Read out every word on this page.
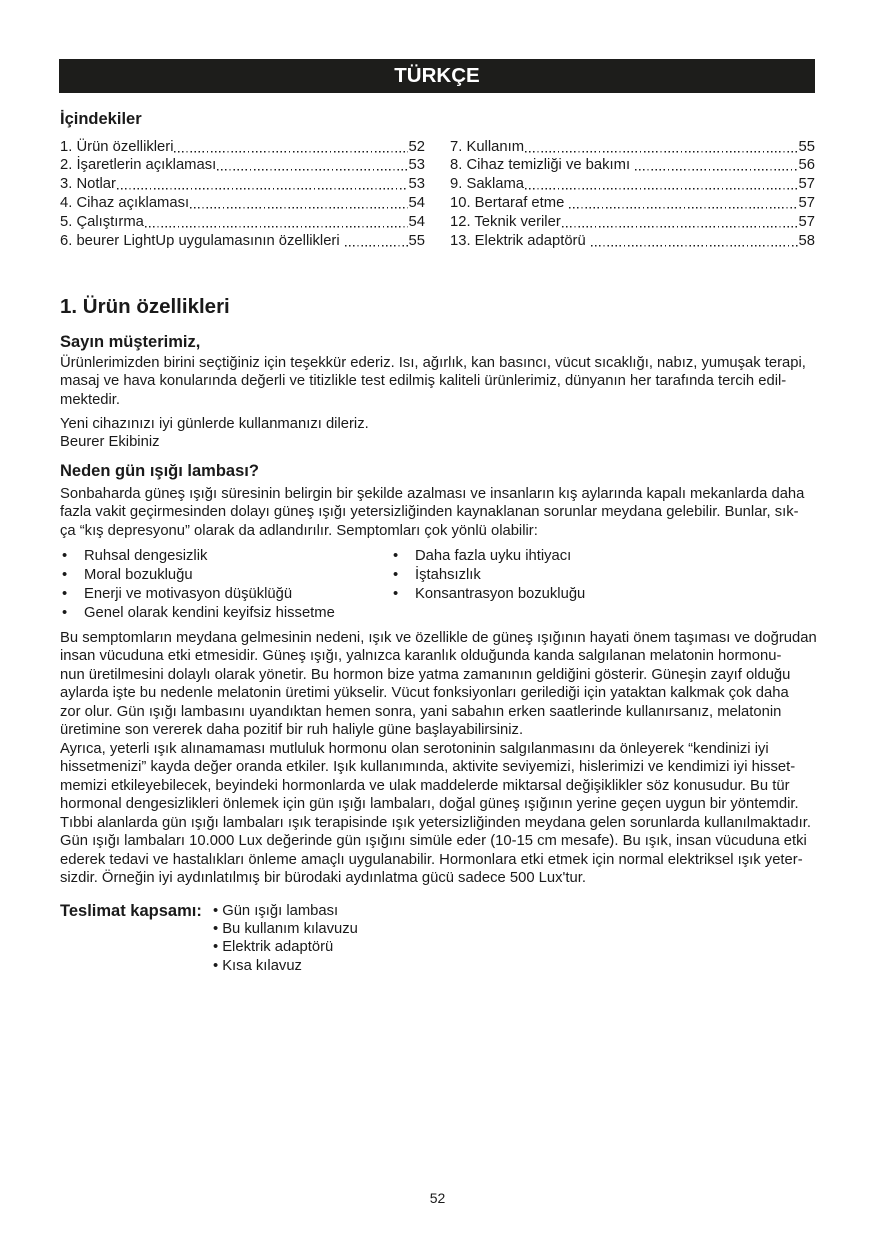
TÜRKÇE
İçindekiler
1. Ürün özellikleri	52
2. İşaretlerin açıklaması	53
3. Notlar	53
4. Cihaz açıklaması	54
5. Çalıştırma	54
6. beurer LightUp uygulamasının özellikleri	55
7. Kullanım	55
8. Cihaz temizliği ve bakımı	56
9. Saklama	57
10. Bertaraf etme	57
12. Teknik veriler	57
13. Elektrik adaptörü	58
1. Ürün özellikleri
Sayın müşterimiz,
Ürünlerimizden birini seçtiğiniz için teşekkür ederiz. Isı, ağırlık, kan basıncı, vücut sıcaklığı, nabız, yumuşak terapi,
masaj ve hava konularında değerli ve titizlikle test edilmiş kaliteli ürünlerimiz, dünyanın her tarafında tercih edil-
mektedir.
Yeni cihazınızı iyi günlerde kullanmanızı dileriz.
Beurer Ekibiniz
Neden gün ışığı lambası?
Sonbaharda güneş ışığı süresinin belirgin bir şekilde azalması ve insanların kış aylarında kapalı mekanlarda daha
fazla vakit geçirmesinden dolayı güneş ışığı yetersizliğinden kaynaklanan sorunlar meydana gelebilir. Bunlar, sık-
ça “kış depresyonu” olarak da adlandırılır. Semptomları çok yönlü olabilir:
• Ruhsal dengesizlik
• Moral bozukluğu
• Enerji ve motivasyon düşüklüğü
• Genel olarak kendini keyifsiz hissetme
• Daha fazla uyku ihtiyacı
• İştahsızlık
• Konsantrasyon bozukluğu
Bu semptomların meydana gelmesinin nedeni, ışık ve özellikle de güneş ışığının hayati önem taşıması ve doğrudan
insan vücuduna etki etmesidir. Güneş ışığı, yalnızca karanlık olduğunda kanda salgılanan melatonin hormonu-
nun üretilmesini dolaylı olarak yönetir. Bu hormon bize yatma zamanının geldiğini gösterir. Güneşin zayıf olduğu
aylarda işte bu nedenle melatonin üretimi yükselir. Vücut fonksiyonları gerilediği için yataktan kalkmak çok daha
zor olur. Gün ışığı lambasını uyandıktan hemen sonra, yani sabahın erken saatlerinde kullanırsanız, melatonin
üretimine son vererek daha pozitif bir ruh haliyle güne başlayabilirsiniz.
Ayrıca, yeterli ışık alınamaması mutluluk hormonu olan serotoninin salgılanmasını da önleyerek “kendinizi iyi
hissetmenizi” kayda değer oranda etkiler. Işık kullanımında, aktivite seviyemizi, hislerimizi ve kendimizi iyi hisset-
memizi etkileyebilecek, beyindeki hormonlarda ve ulak maddelerde miktarsal değişiklikler söz konusudur. Bu tür
hormonal dengesizlikleri önlemek için gün ışığı lambaları, doğal güneş ışığının yerine geçen uygun bir yöntemdir.
Tıbbi alanlarda gün ışığı lambaları ışık terapisinde ışık yetersizliğinden meydana gelen sorunlarda kullanılmaktadır.
Gün ışığı lambaları 10.000 Lux değerinde gün ışığını simüle eder (10-15 cm mesafe). Bu ışık, insan vücuduna etki
ederek tedavi ve hastalıkları önleme amaçlı uygulanabilir. Hormonlara etki etmek için normal elektriksel ışık yeter-
sizdir. Örneğin iyi aydınlatılmış bir bürodaki aydınlatma gücü sadece 500 Lux'tur.
Teslimat kapsamı:	• Gün ışığı lambası
• Bu kullanım kılavuzu
• Elektrik adaptörü
• Kısa kılavuz
52
